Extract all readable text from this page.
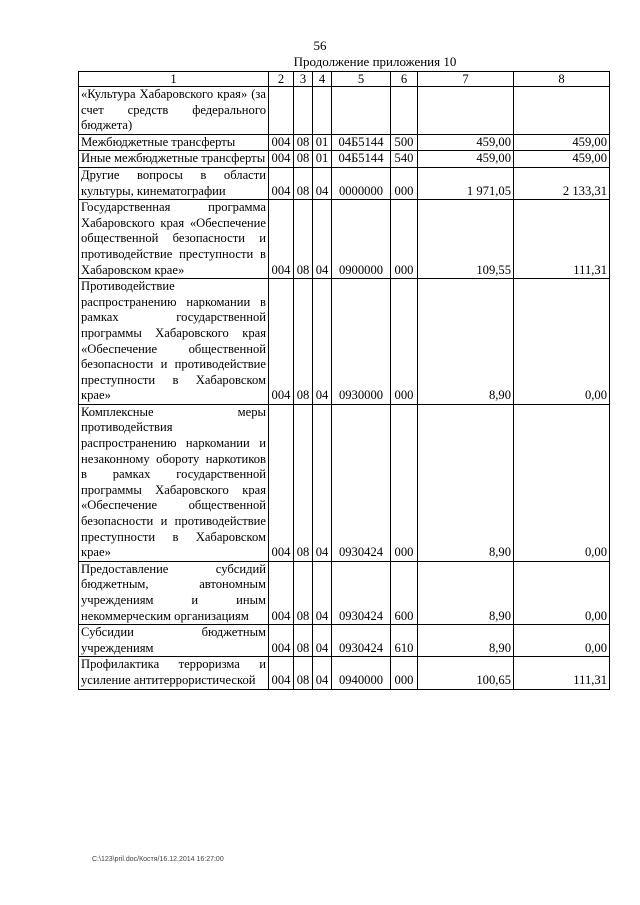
56
Продолжение приложения 10
1	2	3	4	5	6	7	8
«Культура Хабаровского края» (за счет средств федерального бюджета)							
Межбюджетные трансферты	004	08	01	04Б5144	500	459,00	459,00
Иные межбюджетные трансферты	004	08	01	04Б5144	540	459,00	459,00
Другие вопросы в области культуры, кинематографии	004	08	04	0000000	000	1 971,05	2 133,31
Государственная программа Хабаровского края «Обеспечение общественной безопасности и противодействие преступности в Хабаровском крае»	004	08	04	0900000	000	109,55	111,31
Противодействие распространению наркомании в рамках государственной программы Хабаровского края «Обеспечение общественной безопасности и противодействие преступности в Хабаровском крае»	004	08	04	0930000	000	8,90	0,00
Комплексные меры противодействия распространению наркомании и незаконному обороту наркотиков в рамках государственной программы Хабаровского края «Обеспечение общественной безопасности и противодействие преступности в Хабаровском крае»	004	08	04	0930424	000	8,90	0,00
Предоставление субсидий бюджетным, автономным учреждениям и иным некоммерческим организациям	004	08	04	0930424	600	8,90	0,00
Субсидии бюджетным учреждениям	004	08	04	0930424	610	8,90	0,00
Профилактика терроризма и усиление антитеррористической	004	08	04	0940000	000	100,65	111,31
C:\123\pril.doc/Костя/16.12.2014 16:27:00
